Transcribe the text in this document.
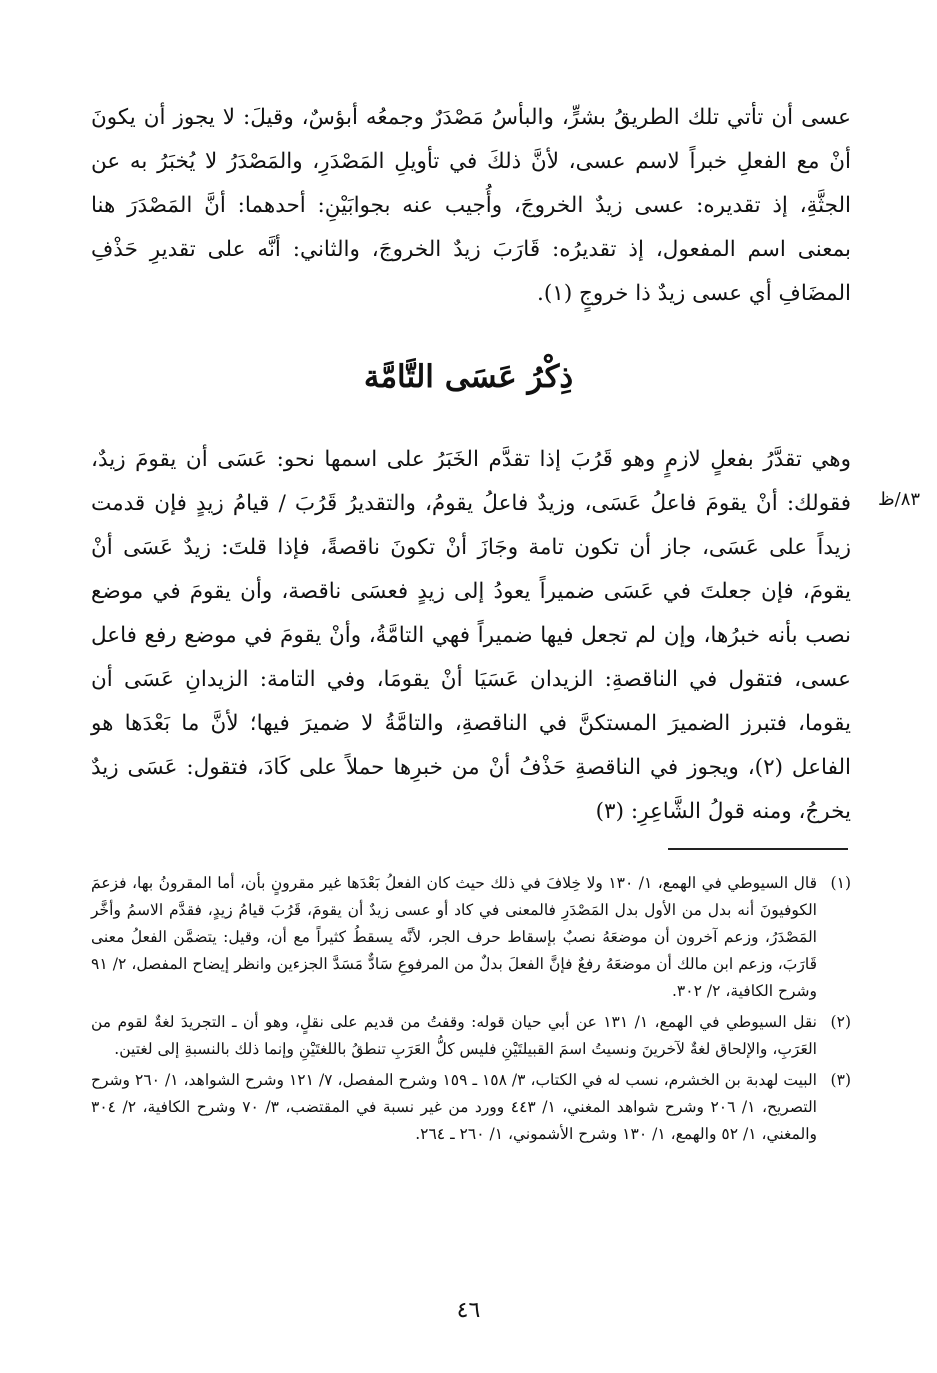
عسى أن تأتي تلك الطريقُ بشرٍّ، والبأسُ مَصْدَرٌ وجمعُه أبؤسٌ، وقيلَ: لا يجوز أن يكونَ أنْ مع الفعلِ خبراً لاسم عسى، لأنَّ ذلكَ في تأويلِ المَصْدَرِ، والمَصْدَرُ لا يُخبَرُ به عن الجثَّةِ، إذ تقديره: عسى زيدٌ الخروجَ، وأُجيب عنه بجوابَيْنِ: أحدهما: أنَّ المَصْدَرَ هنا بمعنى اسم المفعول، إذ تقديرُه: قَارَبَ زيدٌ الخروجَ، والثاني: أنَّه على تقديرِ حَذْفِ المضَافِ أي عسى زيدٌ ذا خروجٍ (١).

ذِكْرُ عَسَى التَّامَّة
٨٣/ظ

وهي تقدَّرُ بفعلٍ لازمٍ وهو قَرُبَ إذا تقدَّم الخَبَرُ على اسمها نحو: عَسَى أن يقومَ زيدٌ، فقولك: أنْ يقومَ فاعلُ عَسَى، وزيدٌ فاعلُ يقومُ، والتقديرُ قَرُبَ / قيامُ زيدٍ فإن قدمت زيداً على عَسَى، جاز أن تكون تامة وجَازَ أنْ تكونَ ناقصةً، فإذا قلتَ: زيدٌ عَسَى أنْ يقومَ، فإن جعلتَ في عَسَى ضميراً يعودُ إلى زيدٍ فعسَى ناقصة، وأن يقومَ في موضع نصب بأنه خبرُها، وإن لم تجعل فيها ضميراً فهي التامَّةُ، وأنْ يقومَ في موضع رفع فاعل عسى، فتقول في الناقصةِ: الزيدان عَسَيَا أنْ يقومَا، وفي التامة: الزيدانِ عَسَى أن يقوما، فتبرز الضميرَ المستكنَّ في الناقصةِ، والتامَّةُ لا ضميرَ فيها؛ لأنَّ ما بَعْدَها هو الفاعل (٢)، ويجوز في الناقصةِ حَذْفُ أنْ من خبرِها حملاً على كَادَ، فتقول: عَسَى زيدٌ يخرجُ، ومنه قولُ الشَّاعِرِ: (٣)

(١)
قال السيوطي في الهمع، ١/ ١٣٠ ولا خِلافَ في ذلك حيث كان الفعلُ بَعْدَها غير مقرونٍ بأن، أما المقرونُ بها، فزعمَ الكوفيونَ أنه بدل من الأول بدل المَصْدَرِ فالمعنى في كاد أو عسى زيدٌ أن يقومَ، قَرُبَ قيامُ زيدٍ، فقدَّم الاسمُ وأخَّر المَصْدَرُ، وزعم آخرون أن موضعَهُ نصبٌ بإسقاط حرف الجر، لأنَّه يسقطُ كثيراً مع أن، وقيل: يتضمَّن الفعلُ معنى قَارَبَ، وزعم ابن مالك أن موضعَهُ رفعٌ فإنَّ الفعلَ بدلٌ من المرفوعِ سَادٌّ مَسَدَّ الجزءين وانظر إيضاح المفصل، ٢/ ٩١ وشرح الكافية، ٢/ ٣٠٢.
(٢)
نقل السيوطي في الهمع، ١/ ١٣١ عن أبي حيان قوله: وقفتُ من قديم على نقلٍ، وهو أن ـ التجريدَ لغةٌ لقوم من العَرَبِ، والإلحاق لغةٌ لآخرينَ ونسيتُ اسمَ القبيلتَيْنِ فليس كلُّ العَرَبِ تنطقُ باللغتَيْنِ وإنما ذلك بالنسبةِ إلى لغتين.
(٣)
البيت لهدبة بن الخشرم، نسب له في الكتاب، ٣/ ١٥٨ ـ ١٥٩ وشرح المفصل، ٧/ ١٢١ وشرح الشواهد، ١/ ٢٦٠ وشرح التصريح، ١/ ٢٠٦ وشرح شواهد المغني، ١/ ٤٤٣ وورد من غير نسبة في المقتضب، ٣/ ٧٠ وشرح الكافية، ٢/ ٣٠٤ والمغني، ١/ ٥٢ والهمع، ١/ ١٣٠ وشرح الأشموني، ١/ ٢٦٠ ـ ٢٦٤.
٤٦
